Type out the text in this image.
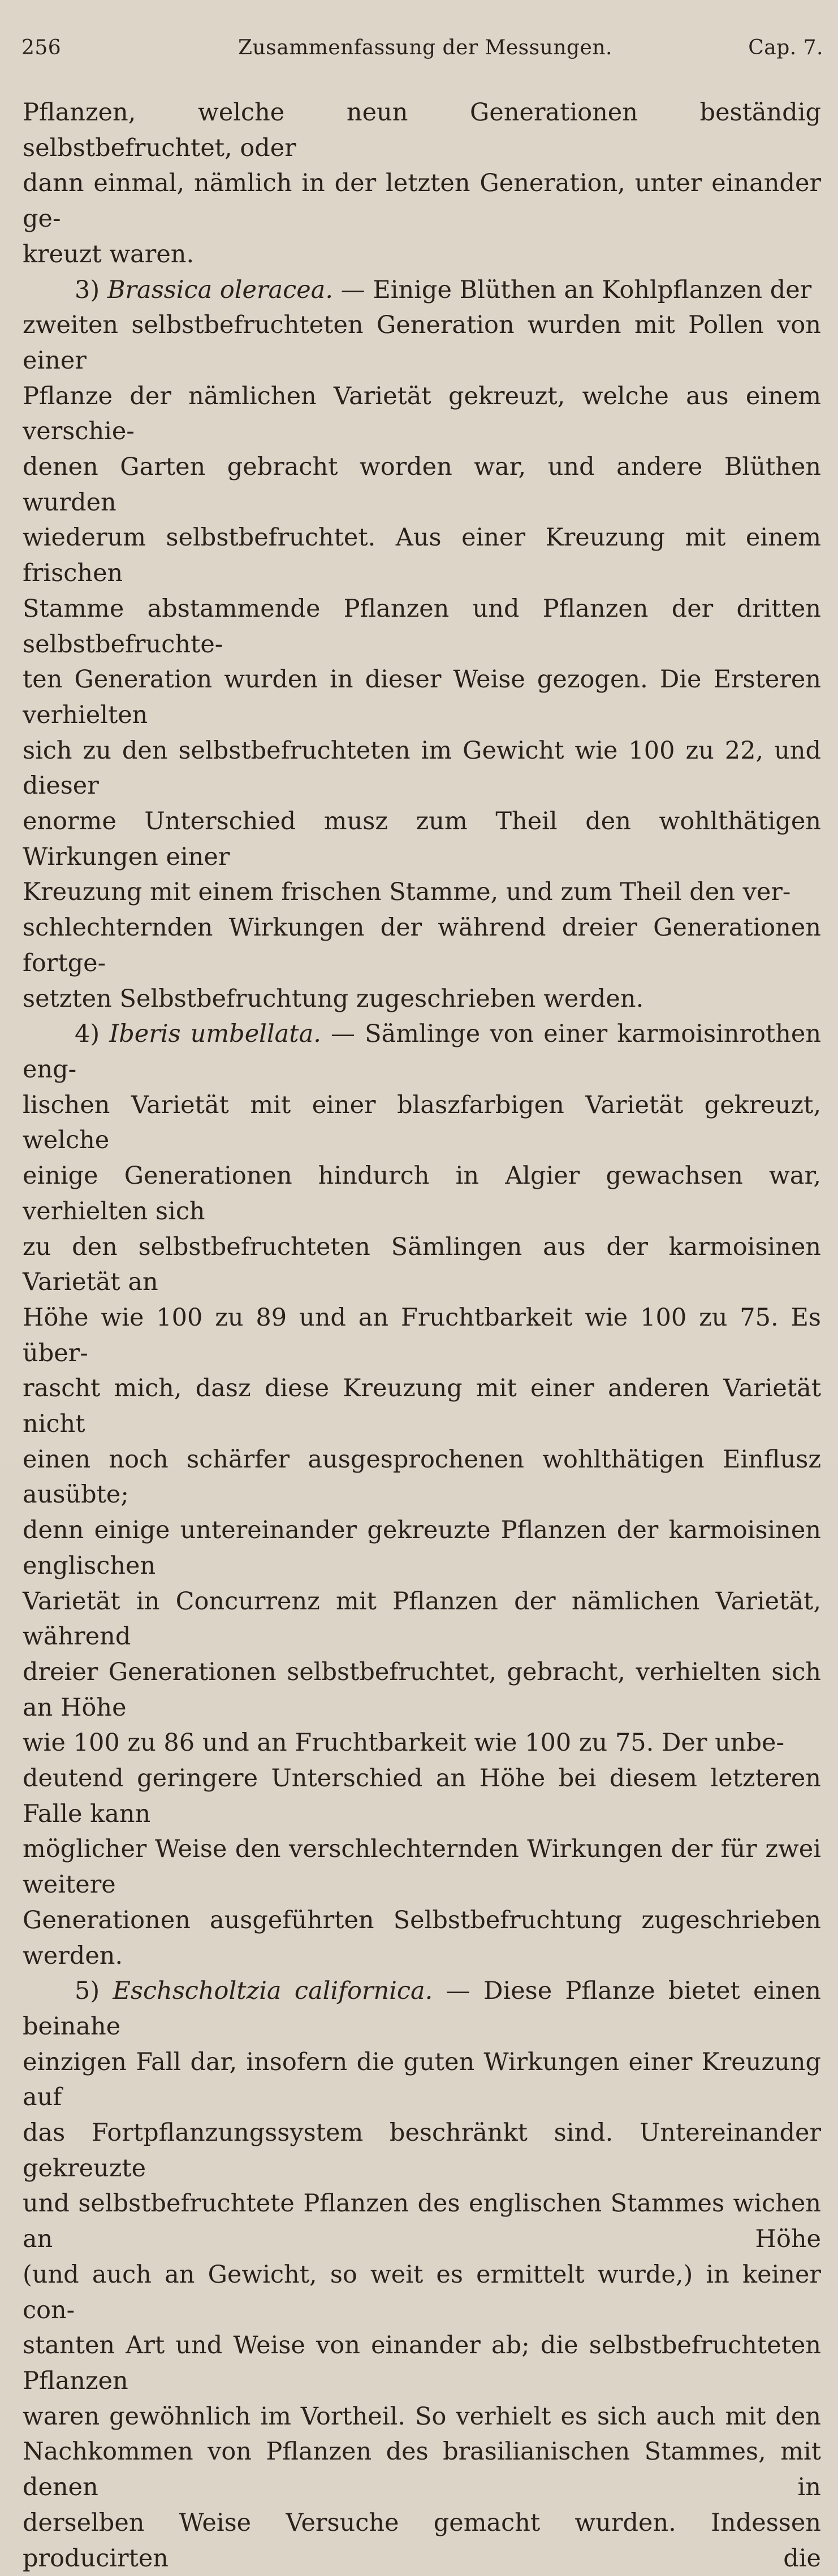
256	Zusammenfassung der Messungen.	Cap. 7.

Pflanzen, welche neun Generationen beständig selbstbefruchtet, oder
dann einmal, nämlich in der letzten Generation, unter einander ge-
kreuzt waren.

3) Brassica oleracea. — Einige Blüthen an Kohlpflanzen der
zweiten selbstbefruchteten Generation wurden mit Pollen von einer
Pflanze der nämlichen Varietät gekreuzt, welche aus einem verschie-
denen Garten gebracht worden war, und andere Blüthen wurden
wiederum selbstbefruchtet. Aus einer Kreuzung mit einem frischen
Stamme abstammende Pflanzen und Pflanzen der dritten selbstbefruchte-
ten Generation wurden in dieser Weise gezogen. Die Ersteren verhielten
sich zu den selbstbefruchteten im Gewicht wie 100 zu 22, und dieser
enorme Unterschied musz zum Theil den wohlthätigen Wirkungen einer
Kreuzung mit einem frischen Stamme, und zum Theil den ver-
schlechternden Wirkungen der während dreier Generationen fortge-
setzten Selbstbefruchtung zugeschrieben werden.

4) Iberis umbellata. — Sämlinge von einer karmoisinrothen eng-
lischen Varietät mit einer blaszfarbigen Varietät gekreuzt, welche
einige Generationen hindurch in Algier gewachsen war, verhielten sich
zu den selbstbefruchteten Sämlingen aus der karmoisinen Varietät an
Höhe wie 100 zu 89 und an Fruchtbarkeit wie 100 zu 75. Es über-
rascht mich, dasz diese Kreuzung mit einer anderen Varietät nicht
einen noch schärfer ausgesprochenen wohlthätigen Einflusz ausübte;
denn einige untereinander gekreuzte Pflanzen der karmoisinen englischen
Varietät in Concurrenz mit Pflanzen der nämlichen Varietät, während
dreier Generationen selbstbefruchtet, gebracht, verhielten sich an Höhe
wie 100 zu 86 und an Fruchtbarkeit wie 100 zu 75. Der unbe-
deutend geringere Unterschied an Höhe bei diesem letzteren Falle kann
möglicher Weise den verschlechternden Wirkungen der für zwei weitere
Generationen ausgeführten Selbstbefruchtung zugeschrieben werden.

5) Eschscholtzia californica. — Diese Pflanze bietet einen beinahe
einzigen Fall dar, insofern die guten Wirkungen einer Kreuzung auf
das Fortpflanzungssystem beschränkt sind. Untereinander gekreuzte
und selbstbefruchtete Pflanzen des englischen Stammes wichen an Höhe
(und auch an Gewicht, so weit es ermittelt wurde,) in keiner con-
stanten Art und Weise von einander ab; die selbstbefruchteten Pflanzen
waren gewöhnlich im Vortheil. So verhielt es sich auch mit den
Nachkommen von Pflanzen des brasilianischen Stammes, mit denen in
derselben Weise Versuche gemacht wurden. Indessen producirten die
